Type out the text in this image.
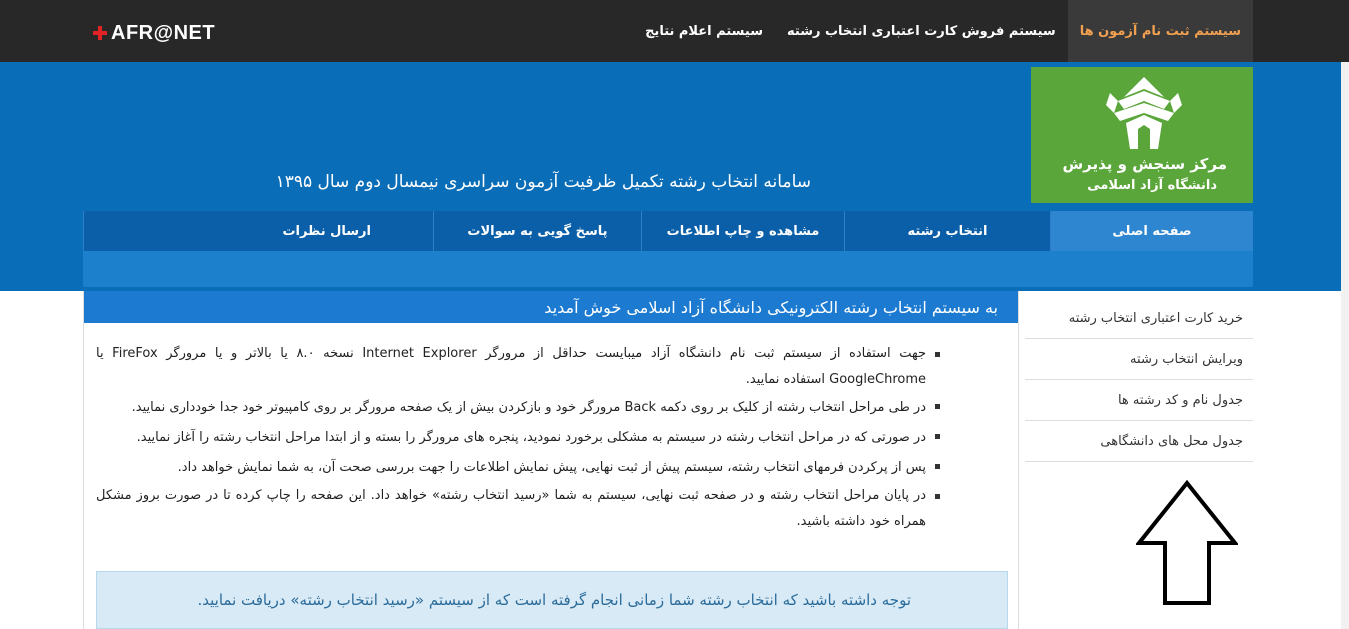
AFR@NET	سیستم ثبت نام آزمون ها
سیستم فروش کارت اعتباری انتخاب رشته
سیستم اعلام نتایج
مرکز سنجش و پذیرش
دانشگاه آزاد اسلامی
سامانه انتخاب رشته تکمیل ظرفیت آزمون سراسری نیمسال دوم سال ۱۳۹۵
صفحه اصلی
انتخاب رشته
مشاهده و چاپ اطلاعات
پاسخ گویی به سوالات
ارسال نظرات
به سیستم انتخاب رشته الکترونیکی دانشگاه آزاد اسلامی خوش آمدید
جهت استفاده از سیستم ثبت نام دانشگاه آزاد میبایست حداقل از مرورگر Internet Explorer نسخه ۸.۰ یا بالاتر و یا مرورگر FireFox یا GoogleChrome استفاده نمایید.
در طی مراحل انتخاب رشته از کلیک بر روی دکمه Back مرورگر خود و بازکردن بیش از یک صفحه مرورگر بر روی کامپیوتر خود جدا خودداری نمایید.
در صورتی که در مراحل انتخاب رشته در سیستم به مشکلی برخورد نمودید، پنجره های مرورگر را بسته و از ابتدا مراحل انتخاب رشته را آغاز نمایید.
پس از پرکردن فرمهای انتخاب رشته، سیستم پیش از ثبت نهایی، پیش نمایش اطلاعات را جهت بررسی صحت آن، به شما نمایش خواهد داد.
در پایان مراحل انتخاب رشته و در صفحه ثبت نهایی، سیستم به شما «رسید انتخاب رشته» خواهد داد. این صفحه را چاپ کرده تا در صورت بروز مشکل همراه خود داشته باشید.
توجه داشته باشید که انتخاب رشته شما زمانی انجام گرفته است که از سیستم «رسید انتخاب رشته» دریافت نمایید.
خرید کارت اعتباری انتخاب رشته
ویرایش انتخاب رشته
جدول نام و کد رشته ها
جدول محل های دانشگاهی
